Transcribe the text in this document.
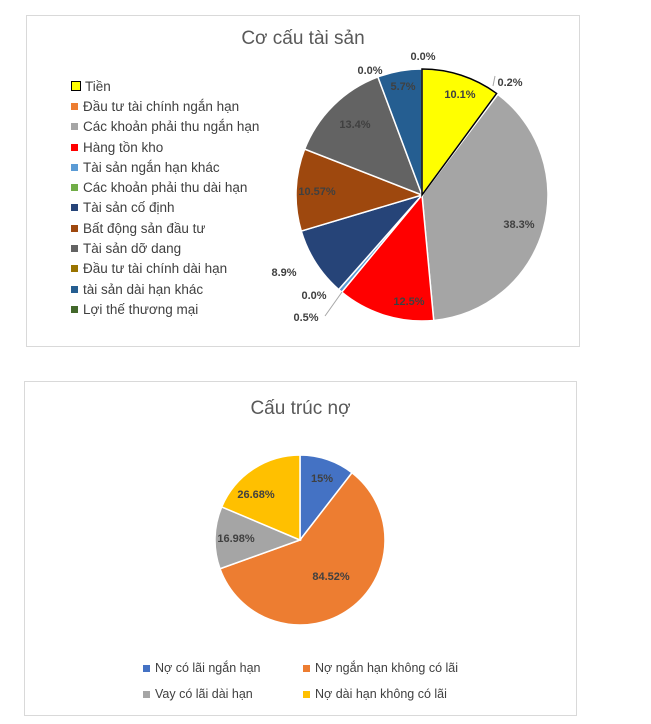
Cơ cấu tài sản
Tiền
Đầu tư tài chính ngắn hạn
Các khoản phải thu ngắn hạn
Hàng tồn kho
Tài sản ngắn hạn khác
Các khoản phải thu dài hạn
Tài sản cố định
Bất động sản đầu tư
Tài sản dỡ dang
Đầu tư tài chính dài hạn
tài sản dài hạn khác
Lợi thế thương mại
10.1%
0.2%
38.3%
12.5%
0.5%
0.0%
8.9%
10.57%
13.4%
0.0%
5.7%
0.0%
Cấu trúc nợ
15%
84.52%
16.98%
26.68%
Nợ có lãi ngắn hạn	Nợ ngắn hạn không có lãi
Vay có lãi dài hạn	Nợ dài hạn không có lãi
